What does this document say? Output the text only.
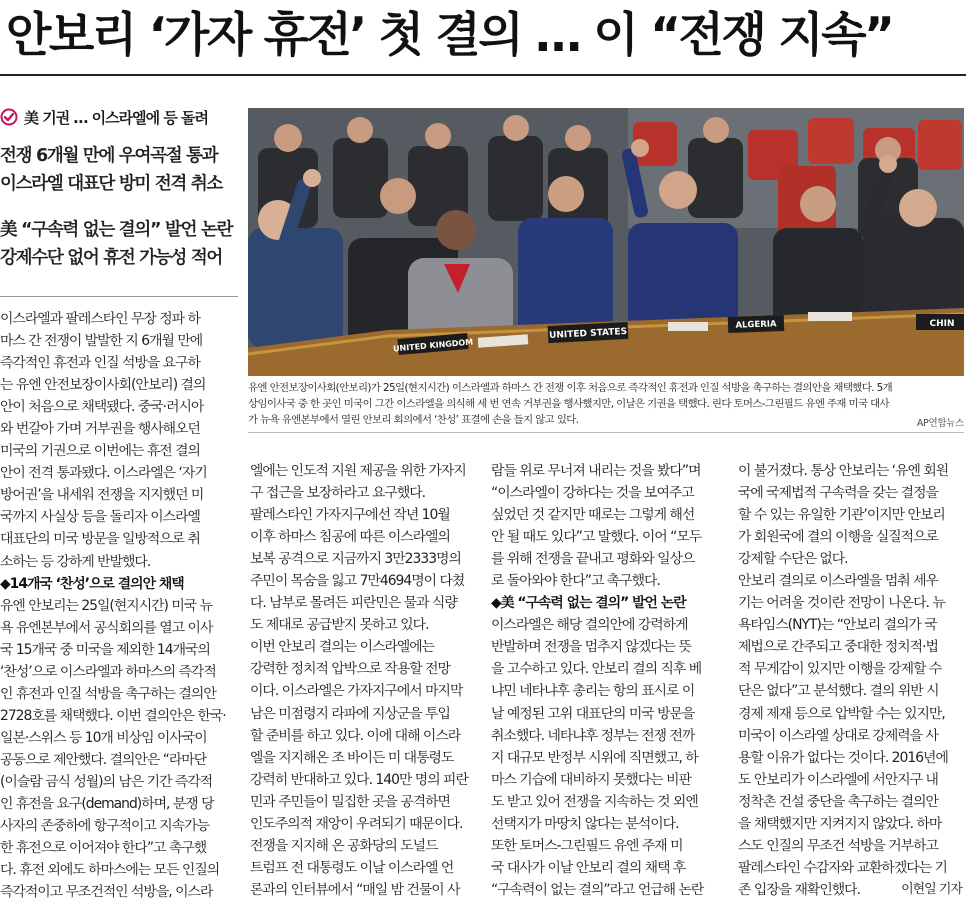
안보리 ‘가자 휴전’ 첫 결의 … 이 “전쟁 지속”
美 기권 … 이스라엘에 등 돌려
전쟁 6개월 만에 우여곡절 통과
이스라엘 대표단 방미 전격 취소
美 “구속력 없는 결의” 발언 논란
강제수단 없어 휴전 가능성 적어
UNITED KINGDOM
UNITED STATES
ALGERIA	CHIN
유엔 안전보장이사회(안보리)가 25일(현지시간) 이스라엘과 하마스 간 전쟁 이후 처음으로 즉각적인 휴전과 인질 석방을 촉구하는 결의안을 채택했다. 5개
상임이사국 중 한 곳인 미국이 그간 이스라엘을 의식해 세 번 연속 거부권을 행사했지만, 이날은 기권을 택했다. 린다 토머스-그린필드 유엔 주재 미국 대사
가 뉴욕 유엔본부에서 열린 안보리 회의에서 ‘찬성’ 표결에 손을 들지 않고 있다.	AP연합뉴스
이스라엘과 팔레스타인 무장 정파 하
마스 간 전쟁이 발발한 지 6개월 만에
즉각적인 휴전과 인질 석방을 요구하
는 유엔 안전보장이사회(안보리) 결의
안이 처음으로 채택됐다. 중국·러시아
와 번갈아 가며 거부권을 행사해오던
미국의 기권으로 이번에는 휴전 결의
안이 전격 통과됐다. 이스라엘은 ‘자기
방어권’을 내세워 전쟁을 지지했던 미
국까지 사실상 등을 돌리자 이스라엘
대표단의 미국 방문을 일방적으로 취
소하는 등 강하게 반발했다.
◆14개국 ‘찬성’으로 결의안 채택
유엔 안보리는 25일(현지시간) 미국 뉴
욕 유엔본부에서 공식회의를 열고 이사
국 15개국 중 미국을 제외한 14개국의
‘찬성’으로 이스라엘과 하마스의 즉각적
인 휴전과 인질 석방을 촉구하는 결의안
2728호를 채택했다. 이번 결의안은 한국·
일본·스위스 등 10개 비상임 이사국이
공동으로 제안했다. 결의안은 “라마단
(이슬람 금식 성월)의 남은 기간 즉각적
인 휴전을 요구(demand)하며, 분쟁 당
사자의 존중하에 항구적이고 지속가능
한 휴전으로 이어져야 한다”고 촉구했
다. 휴전 외에도 하마스에는 모든 인질의
즉각적이고 무조건적인 석방을, 이스라
엘에는 인도적 지원 제공을 위한 가자지
구 접근을 보장하라고 요구했다.
팔레스타인 가자지구에선 작년 10월
이후 하마스 침공에 따른 이스라엘의
보복 공격으로 지금까지 3만2333명의
주민이 목숨을 잃고 7만4694명이 다쳤
다. 남부로 몰려든 피란민은 물과 식량
도 제대로 공급받지 못하고 있다.
이번 안보리 결의는 이스라엘에는
강력한 정치적 압박으로 작용할 전망
이다. 이스라엘은 가자지구에서 마지막
남은 미점령지 라파에 지상군을 투입
할 준비를 하고 있다. 이에 대해 이스라
엘을 지지해온 조 바이든 미 대통령도
강력히 반대하고 있다. 140만 명의 피란
민과 주민들이 밀집한 곳을 공격하면
인도주의적 재앙이 우려되기 때문이다.
전쟁을 지지해 온 공화당의 도널드
트럼프 전 대통령도 이날 이스라엘 언
론과의 인터뷰에서 “매일 밤 건물이 사
람들 위로 무너져 내리는 것을 봤다”며
“이스라엘이 강하다는 것을 보여주고
싶었던 것 같지만 때로는 그렇게 해선
안 될 때도 있다”고 말했다. 이어 “모두
를 위해 전쟁을 끝내고 평화와 일상으
로 돌아와야 한다”고 촉구했다.
◆美 “구속력 없는 결의” 발언 논란
이스라엘은 해당 결의안에 강력하게
반발하며 전쟁을 멈추지 않겠다는 뜻
을 고수하고 있다. 안보리 결의 직후 베
냐민 네타냐후 총리는 항의 표시로 이
날 예정된 고위 대표단의 미국 방문을
취소했다. 네타냐후 정부는 전쟁 전까
지 대규모 반정부 시위에 직면했고, 하
마스 기습에 대비하지 못했다는 비판
도 받고 있어 전쟁을 지속하는 것 외엔
선택지가 마땅치 않다는 분석이다.
또한 토머스-그린필드 유엔 주재 미
국 대사가 이날 안보리 결의 채택 후
“구속력이 없는 결의”라고 언급해 논란
이 불거졌다. 통상 안보리는 ‘유엔 회원
국에 국제법적 구속력을 갖는 결정을
할 수 있는 유일한 기관’이지만 안보리
가 회원국에 결의 이행을 실질적으로
강제할 수단은 없다.
안보리 결의로 이스라엘을 멈춰 세우
기는 어려울 것이란 전망이 나온다. 뉴
욕타임스(NYT)는 “안보리 결의가 국
제법으로 간주되고 중대한 정치적·법
적 무게감이 있지만 이행을 강제할 수
단은 없다”고 분석했다. 결의 위반 시
경제 제재 등으로 압박할 수는 있지만,
미국이 이스라엘 상대로 강제력을 사
용할 이유가 없다는 것이다. 2016년에
도 안보리가 이스라엘에 서안지구 내
정착촌 건설 중단을 촉구하는 결의안
을 채택했지만 지켜지지 않았다. 하마
스도 인질의 무조건 석방을 거부하고
팔레스타인 수감자와 교환하겠다는 기
존 입장을 재확인했다.	이현일 기자
